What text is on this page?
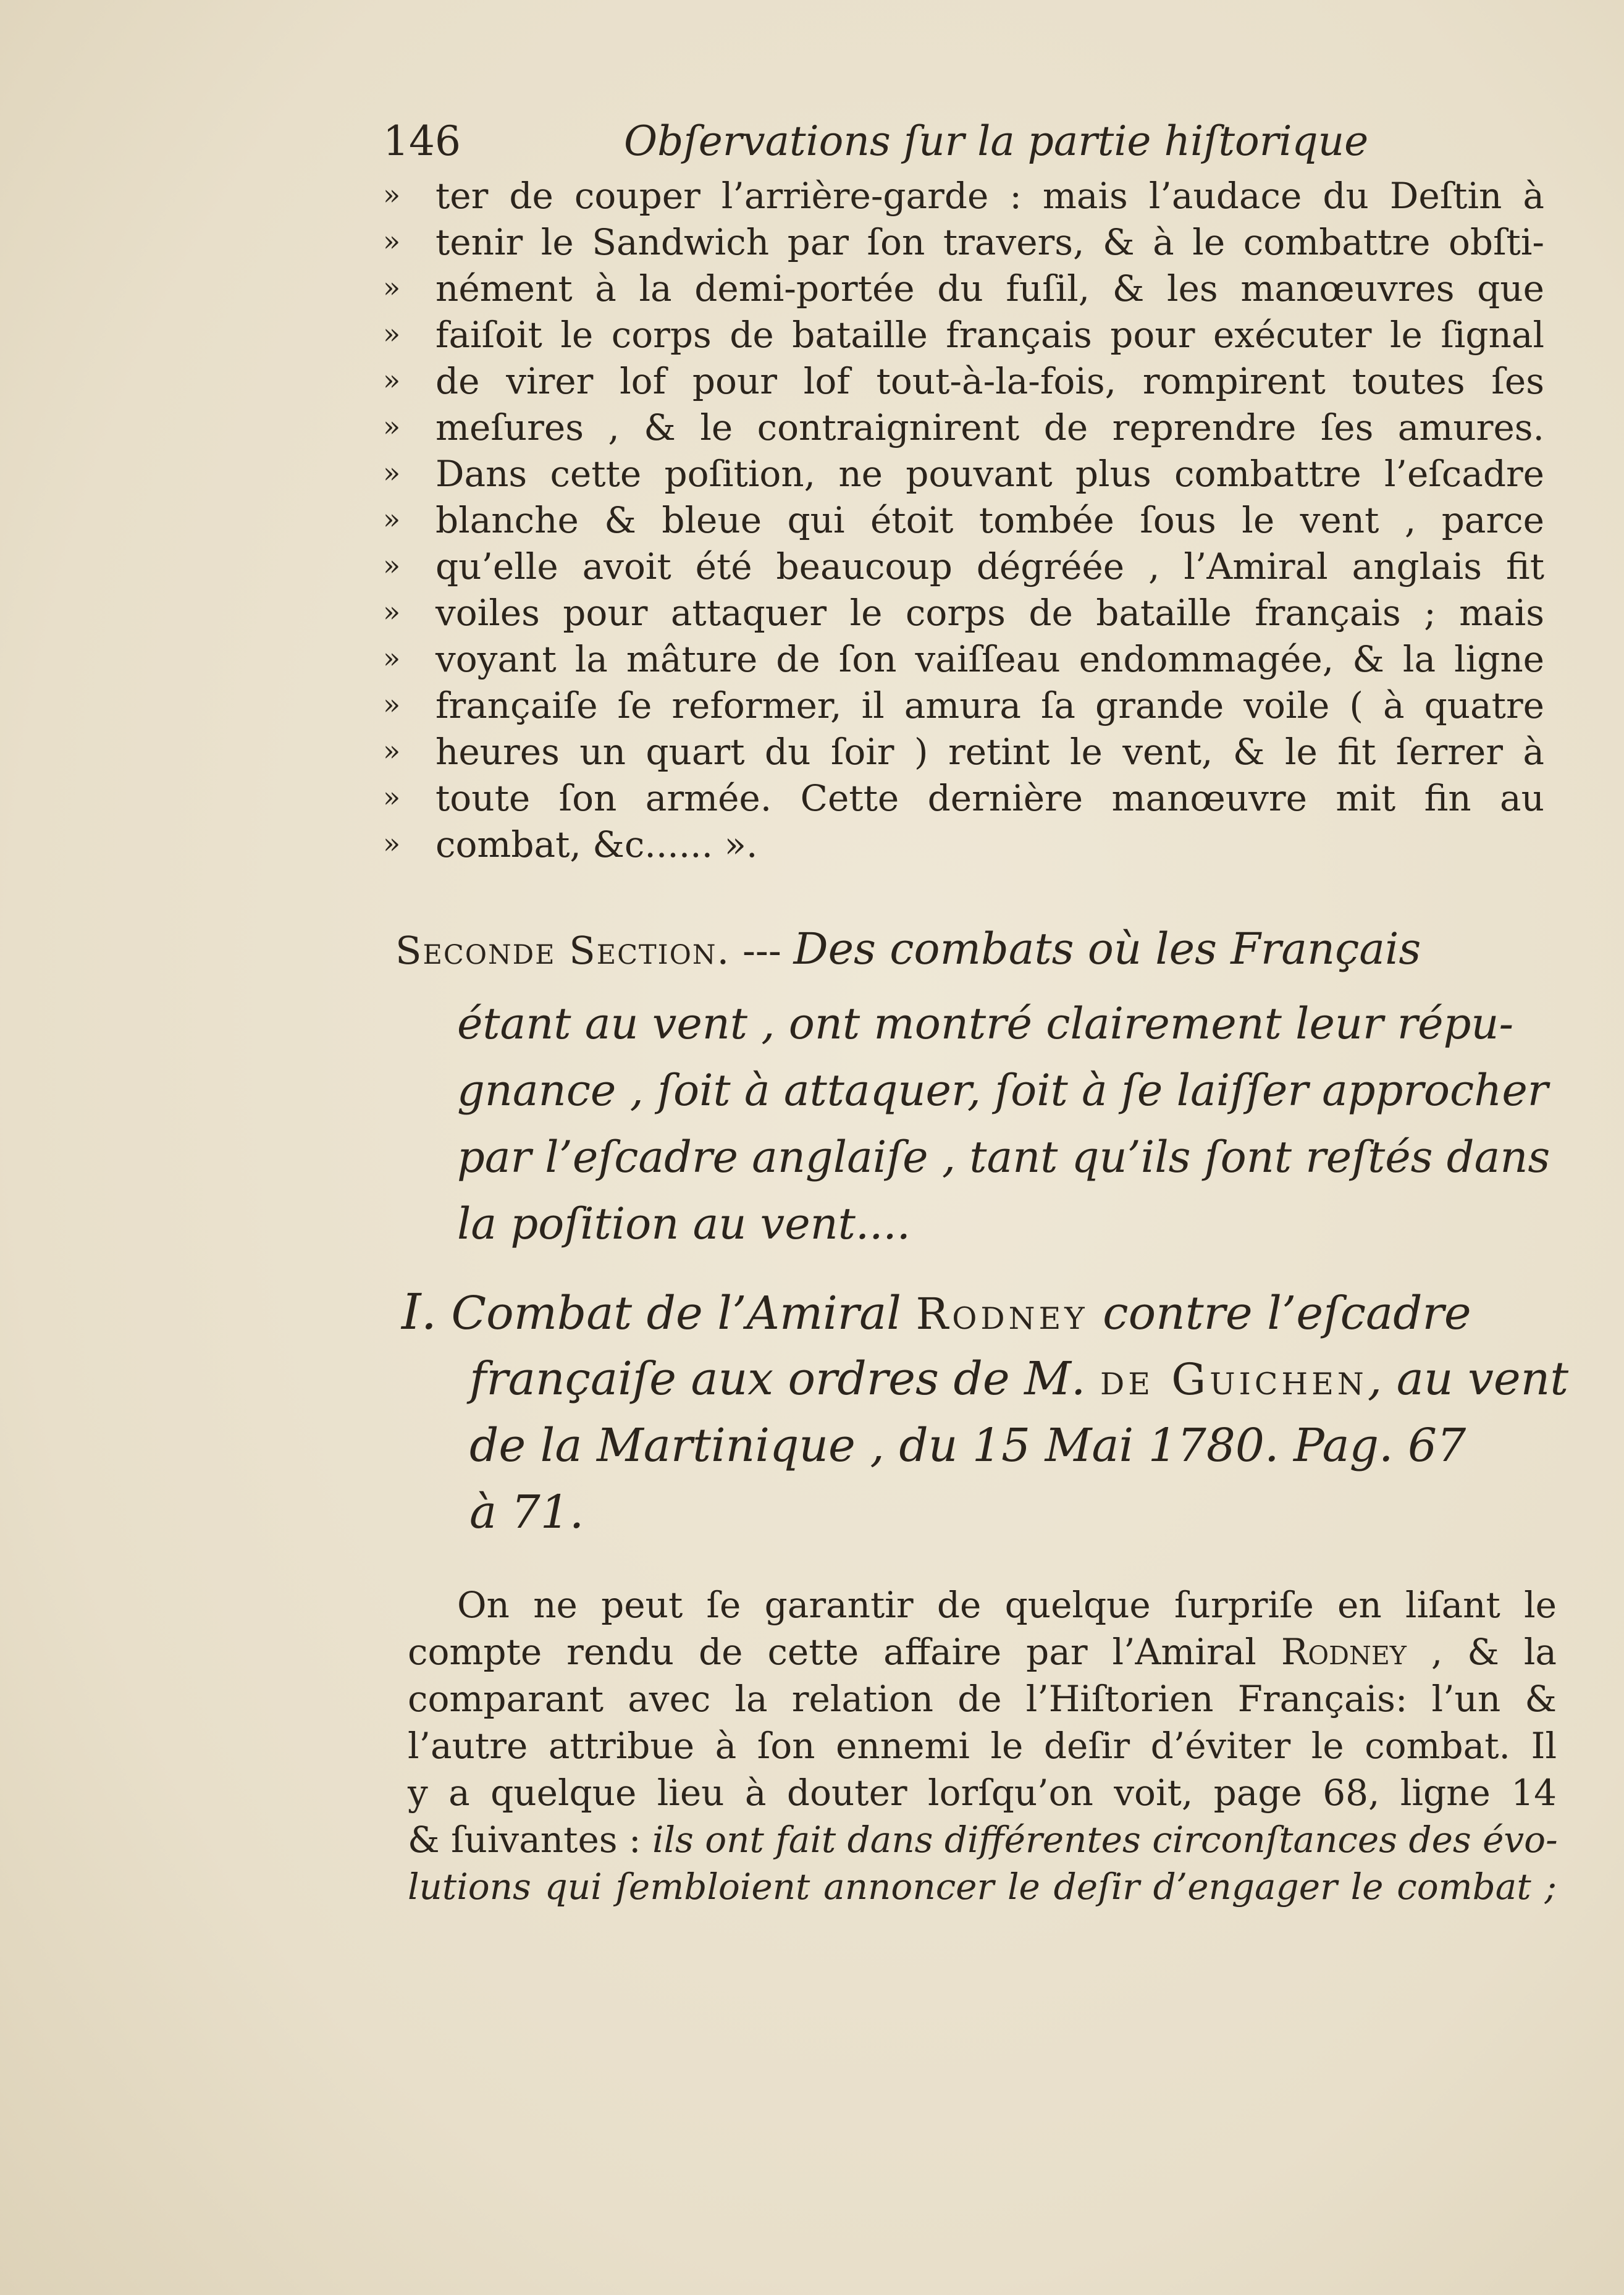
146	Obſervations ſur la partie hiſtorique
» ter de couper l’arrière-garde : mais l’audace du Deſtin à
» tenir le Sandwich par ſon travers, & à le combattre obſti-
» nément à la demi-portée du fuſil, & les manœuvres que
» faiſoit le corps de bataille français pour exécuter le ſignal
» de virer lof pour lof tout-à-la-fois, rompirent toutes ſes
» meſures , & le contraignirent de reprendre ſes amures.
» Dans cette poſition, ne pouvant plus combattre l’eſcadre
» blanche & bleue qui étoit tombée ſous le vent , parce
» qu’elle avoit été beaucoup dégréée , l’Amiral anglais fit
» voiles pour attaquer le corps de bataille français ; mais
» voyant la mâture de ſon vaiſſeau endommagée, & la ligne
» françaiſe ſe reformer, il amura ſa grande voile ( à quatre
» heures un quart du ſoir ) retint le vent, & le fit ſerrer à
» toute ſon armée. Cette dernière manœuvre mit fin au
» combat, &c...... ».
Seconde Section. --- Des combats où les Français
étant au vent , ont montré clairement leur répu-
gnance , ſoit à attaquer, ſoit à ſe laiſſer approcher
par l’eſcadre anglaiſe , tant qu’ils ſont reſtés dans
la poſition au vent....
I. Combat de l’Amiral Rodney contre l’eſcadre
françaiſe aux ordres de M. de Guichen, au vent
de la Martinique , du 15 Mai 1780. Pag. 67
à 71.
On ne peut ſe garantir de quelque ſurpriſe en liſant le
compte rendu de cette affaire par l’Amiral Rodney , & la
comparant avec la relation de l’Hiſtorien Français: l’un &
l’autre attribue à ſon ennemi le deſir d’éviter le combat. Il
y a quelque lieu à douter lorſqu’on voit, page 68, ligne 14
& ſuivantes : ils ont fait dans différentes circonſtances des évo-
lutions qui ſembloient annoncer le deſir d’engager le combat ;
